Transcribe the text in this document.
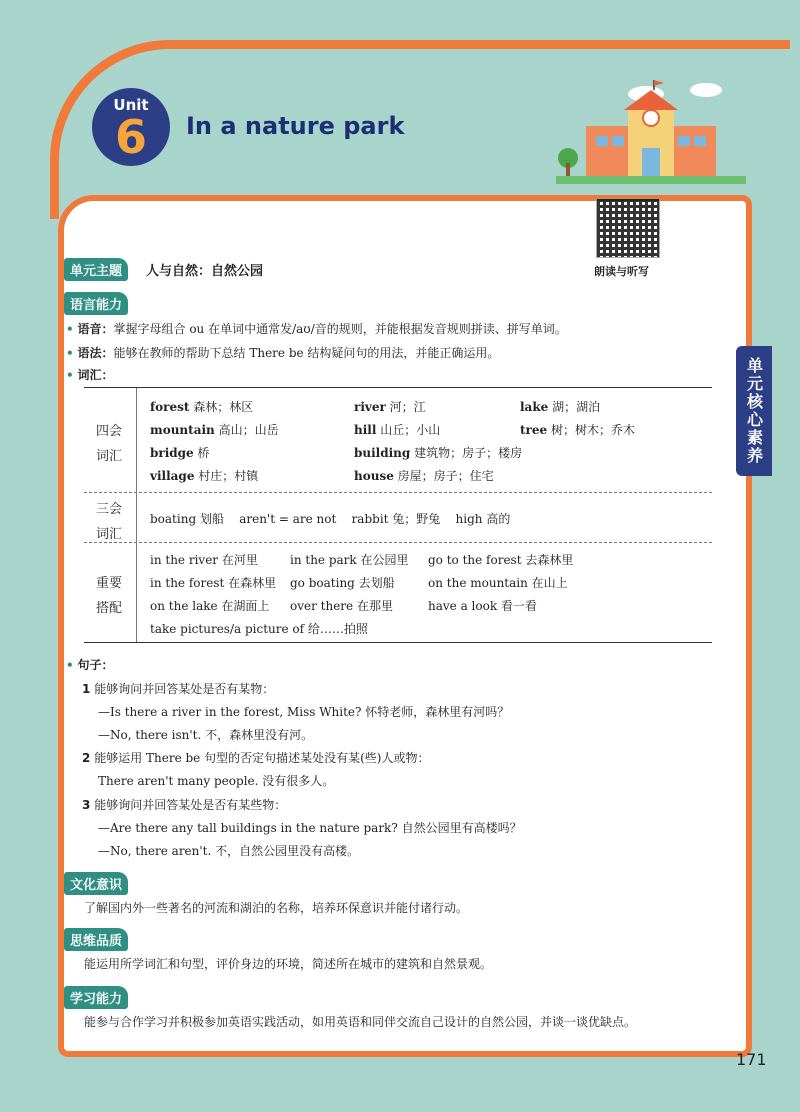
Unit
6	In a nature park
朗读与听写
单元核心素养
单元主题	人与自然：自然公园
语言能力
• 语音：掌握字母组合 ou 在单词中通常发/aʊ/音的规则，并能根据发音规则拼读、拼写单词。
• 语法：能够在教师的帮助下总结 There be 结构疑问句的用法，并能正确运用。
• 词汇：
四会
词汇
forest 森林；林区	river 河；江	lake 湖；湖泊
mountain 高山；山岳	hill 山丘；小山	tree 树；树木；乔木
bridge 桥	building 建筑物；房子；楼房
village 村庄；村镇	house 房屋；房子；住宅
三会
词汇
boating 划船    aren't = are not    rabbit 兔；野兔    high 高的
重要
搭配
in the river 在河里	in the park 在公园里 go to the forest 去森林里
in the forest 在森林里 go boating 去划船	on the mountain 在山上
on the lake 在湖面上 over there 在那里	have a look 看一看
take pictures/a picture of 给……拍照
• 句子：
1 能够询问并回答某处是否有某物：
—Is there a river in the forest, Miss White? 怀特老师，森林里有河吗？
—No, there isn't. 不，森林里没有河。
2 能够运用 There be 句型的否定句描述某处没有某(些)人或物：
There aren't many people. 没有很多人。
3 能够询问并回答某处是否有某些物：
—Are there any tall buildings in the nature park? 自然公园里有高楼吗？
—No, there aren't. 不，自然公园里没有高楼。
文化意识
了解国内外一些著名的河流和湖泊的名称，培养环保意识并能付诸行动。
思维品质
能运用所学词汇和句型，评价身边的环境，简述所在城市的建筑和自然景观。
学习能力
能参与合作学习并积极参加英语实践活动，如用英语和同伴交流自己设计的自然公园，并谈一谈优缺点。
171
